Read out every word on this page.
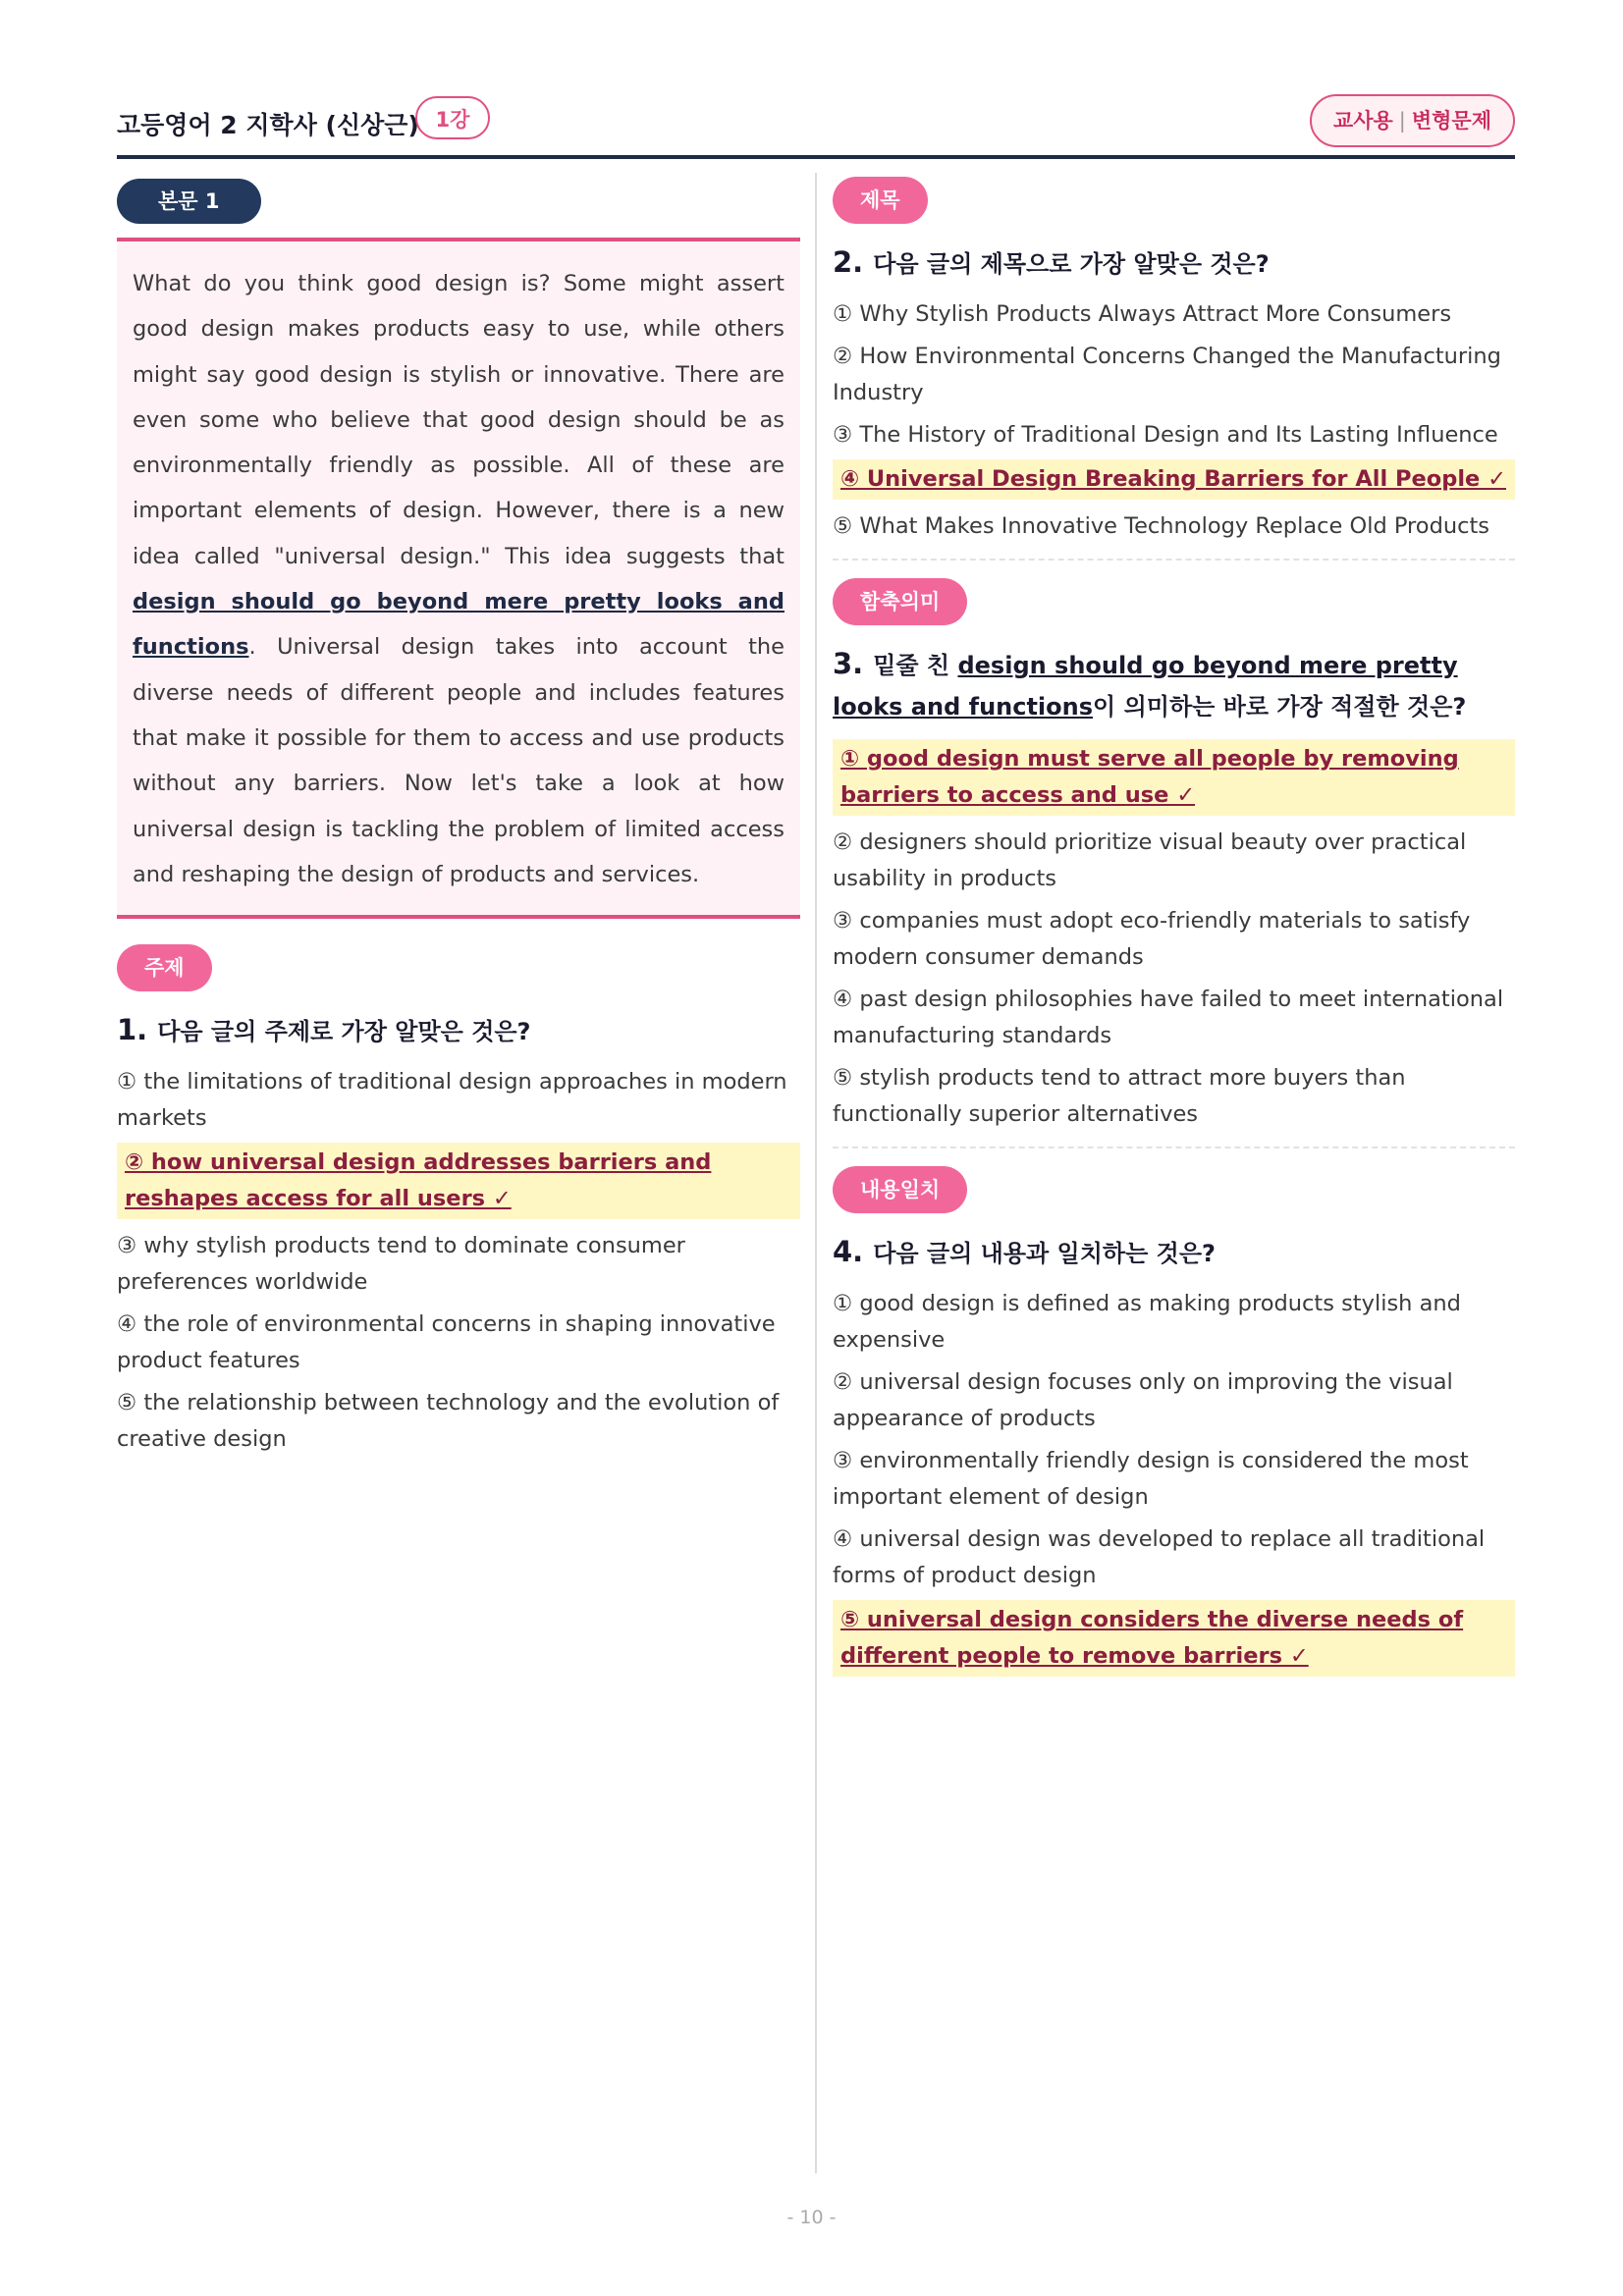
고등영어 2 지학사 (신상근) 1강	교사용 | 변형문제
본문 1

What do you think good design is? Some might assert good design makes products easy to use, while others might say good design is stylish or innovative. There are even some who believe that good design should be as environmentally friendly as possible. All of these are important elements of design. However, there is a new idea called "universal design." This idea suggests that design should go beyond mere pretty looks and functions. Universal design takes into account the diverse needs of different people and includes features that make it possible for them to access and use products without any barriers. Now let's take a look at how universal design is tackling the problem of limited access and reshaping the design of products and services.

주제
1. 다음 글의 주제로 가장 알맞은 것은?
① the limitations of traditional design approaches in modern markets
② how universal design addresses barriers and reshapes access for all users ✓
③ why stylish products tend to dominate consumer preferences worldwide
④ the role of environmental concerns in shaping innovative product features
⑤ the relationship between technology and the evolution of creative design
제목
2. 다음 글의 제목으로 가장 알맞은 것은?
① Why Stylish Products Always Attract More Consumers
② How Environmental Concerns Changed the Manufacturing Industry
③ The History of Traditional Design and Its Lasting Influence
④ Universal Design Breaking Barriers for All People ✓
⑤ What Makes Innovative Technology Replace Old Products
함축의미
3. 밑줄 친 design should go beyond mere pretty looks and functions이 의미하는 바로 가장 적절한 것은?
① good design must serve all people by removing barriers to access and use ✓
② designers should prioritize visual beauty over practical usability in products
③ companies must adopt eco-friendly materials to satisfy modern consumer demands
④ past design philosophies have failed to meet international manufacturing standards
⑤ stylish products tend to attract more buyers than functionally superior alternatives
내용일치
4. 다음 글의 내용과 일치하는 것은?
① good design is defined as making products stylish and expensive
② universal design focuses only on improving the visual appearance of products
③ environmentally friendly design is considered the most important element of design
④ universal design was developed to replace all traditional forms of product design
⑤ universal design considers the diverse needs of different people to remove barriers ✓
- 10 -
